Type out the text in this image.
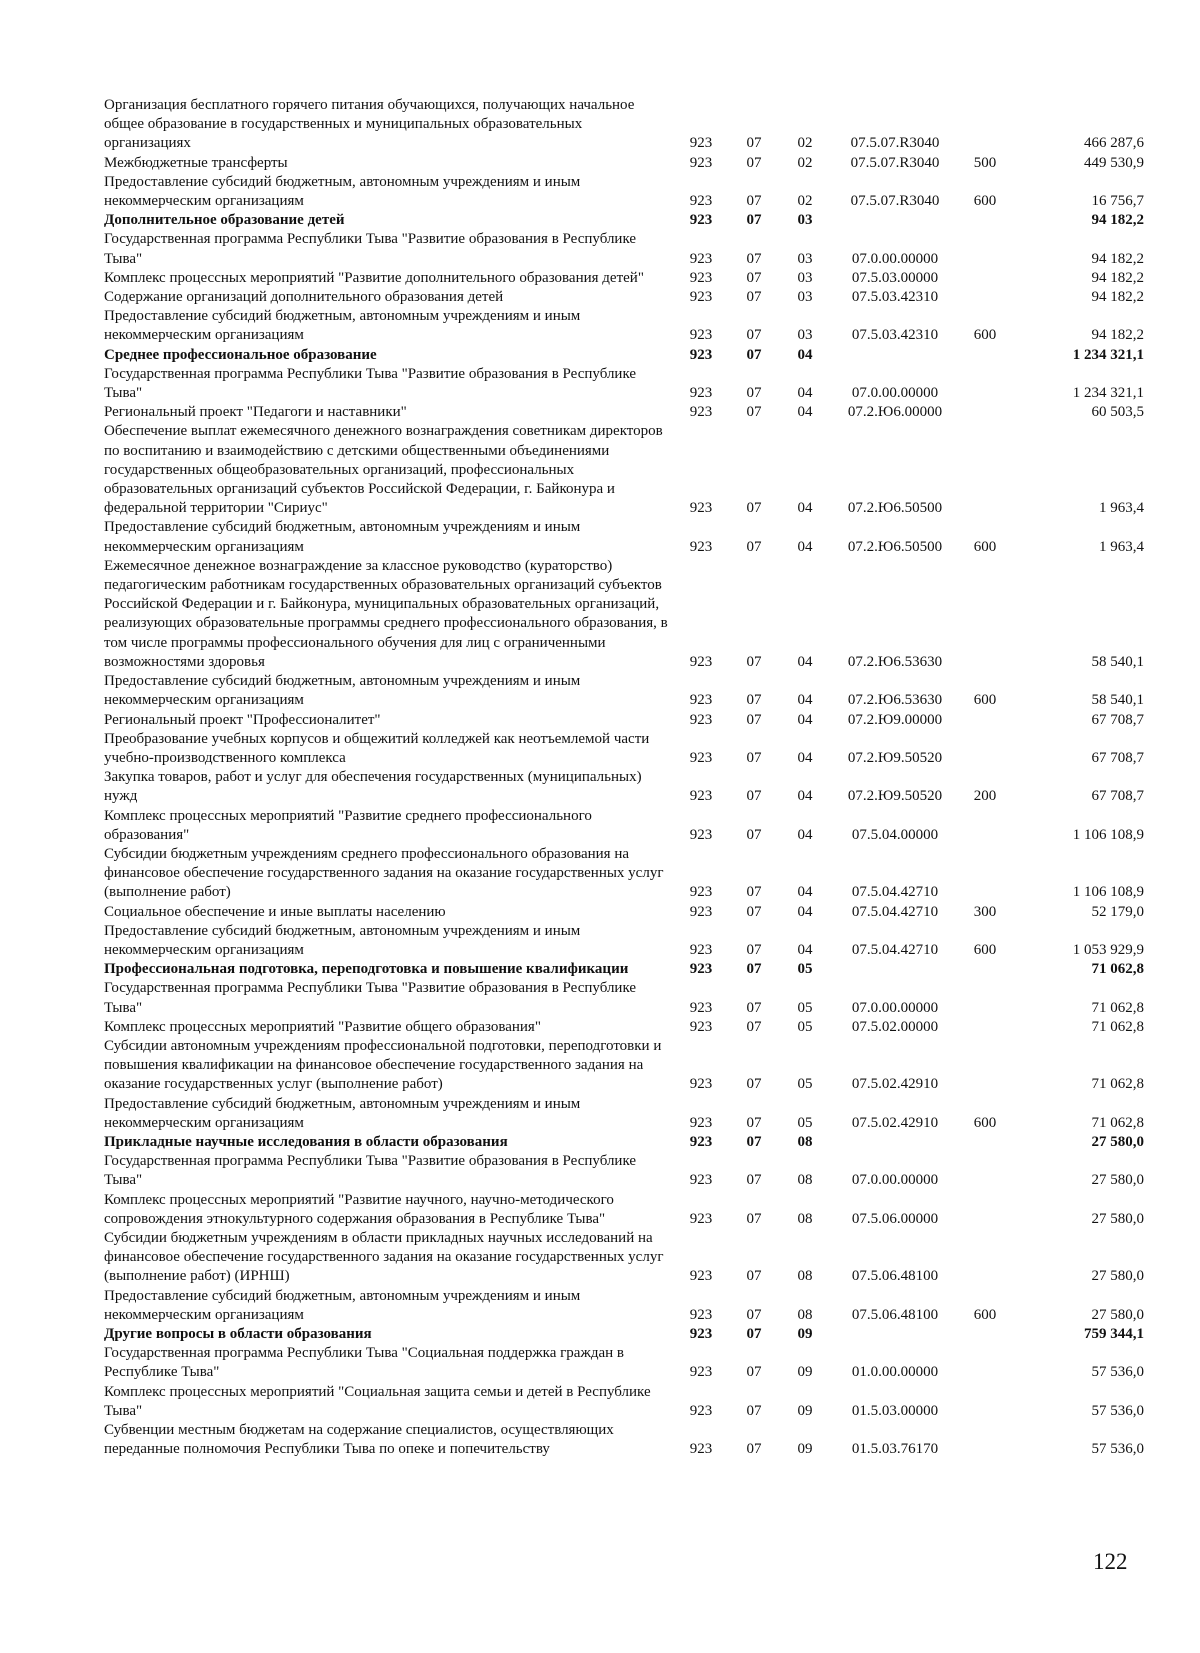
Организация бесплатного горячего питания обучающихся, получающих начальное общее образование в государственных и муниципальных образовательных организациях	923	07	02	07.5.07.R3040		466 287,6
Межбюджетные трансферты	923	07	02	07.5.07.R3040	500	449 530,9
Предоставление субсидий бюджетным, автономным учреждениям и иным некоммерческим организациям	923	07	02	07.5.07.R3040	600	16 756,7
Дополнительное образование детей	923	07	03			94 182,2
Государственная программа Республики Тыва "Развитие образования в Республике Тыва"	923	07	03	07.0.00.00000		94 182,2
Комплекс процессных мероприятий "Развитие дополнительного образования детей"	923	07	03	07.5.03.00000		94 182,2
Содержание организаций дополнительного образования детей	923	07	03	07.5.03.42310		94 182,2
Предоставление субсидий бюджетным, автономным учреждениям и иным некоммерческим организациям	923	07	03	07.5.03.42310	600	94 182,2
Среднее профессиональное образование	923	07	04			1 234 321,1
Государственная программа Республики Тыва "Развитие образования в Республике Тыва"	923	07	04	07.0.00.00000		1 234 321,1
Региональный проект "Педагоги и наставники"	923	07	04	07.2.Ю6.00000		60 503,5
Обеспечение выплат ежемесячного денежного вознаграждения советникам директоров по воспитанию и взаимодействию с детскими общественными объединениями государственных общеобразовательных организаций, профессиональных образовательных организаций субъектов Российской Федерации, г. Байконура и федеральной территории "Сириус"	923	07	04	07.2.Ю6.50500		1 963,4
Предоставление субсидий бюджетным, автономным учреждениям и иным некоммерческим организациям	923	07	04	07.2.Ю6.50500	600	1 963,4
Ежемесячное денежное вознаграждение за классное руководство (кураторство) педагогическим работникам государственных образовательных организаций субъектов Российской Федерации и г. Байконура, муниципальных образовательных организаций, реализующих образовательные программы среднего профессионального образования, в том числе программы профессионального обучения для лиц с ограниченными возможностями здоровья	923	07	04	07.2.Ю6.53630		58 540,1
Предоставление субсидий бюджетным, автономным учреждениям и иным некоммерческим организациям	923	07	04	07.2.Ю6.53630	600	58 540,1
Региональный проект "Профессионалитет"	923	07	04	07.2.Ю9.00000		67 708,7
Преобразование учебных корпусов и общежитий колледжей как неотъемлемой части учебно-производственного комплекса	923	07	04	07.2.Ю9.50520		67 708,7
Закупка товаров, работ и услуг для обеспечения государственных (муниципальных) нужд	923	07	04	07.2.Ю9.50520	200	67 708,7
Комплекс процессных мероприятий "Развитие среднего профессионального образования"	923	07	04	07.5.04.00000		1 106 108,9
Субсидии бюджетным учреждениям среднего профессионального образования на финансовое обеспечение государственного задания на оказание государственных услуг (выполнение работ)	923	07	04	07.5.04.42710		1 106 108,9
Социальное обеспечение и иные выплаты населению	923	07	04	07.5.04.42710	300	52 179,0
Предоставление субсидий бюджетным, автономным учреждениям и иным некоммерческим организациям	923	07	04	07.5.04.42710	600	1 053 929,9
Профессиональная подготовка, переподготовка и повышение квалификации	923	07	05			71 062,8
Государственная программа Республики Тыва "Развитие образования в Республике Тыва"	923	07	05	07.0.00.00000		71 062,8
Комплекс процессных мероприятий "Развитие общего образования"	923	07	05	07.5.02.00000		71 062,8
Субсидии автономным учреждениям профессиональной подготовки, переподготовки и повышения квалификации на финансовое обеспечение государственного задания на оказание государственных услуг (выполнение работ)	923	07	05	07.5.02.42910		71 062,8
Предоставление субсидий бюджетным, автономным учреждениям и иным некоммерческим организациям	923	07	05	07.5.02.42910	600	71 062,8
Прикладные научные исследования в области образования	923	07	08			27 580,0
Государственная программа Республики Тыва "Развитие образования в Республике Тыва"	923	07	08	07.0.00.00000		27 580,0
Комплекс процессных мероприятий "Развитие научного, научно-методического сопровождения этнокультурного содержания образования в Республике Тыва"	923	07	08	07.5.06.00000		27 580,0
Субсидии бюджетным учреждениям в области прикладных научных исследований на финансовое обеспечение государственного задания на оказание государственных услуг (выполнение работ) (ИРНШ)	923	07	08	07.5.06.48100		27 580,0
Предоставление субсидий бюджетным, автономным учреждениям и иным некоммерческим организациям	923	07	08	07.5.06.48100	600	27 580,0
Другие вопросы в области образования	923	07	09			759 344,1
Государственная программа Республики Тыва "Социальная поддержка граждан в Республике Тыва"	923	07	09	01.0.00.00000		57 536,0
Комплекс процессных мероприятий "Социальная защита семьи и детей в Республике Тыва"	923	07	09	01.5.03.00000		57 536,0
Субвенции местным бюджетам на содержание специалистов, осуществляющих переданные полномочия Республики Тыва по опеке и попечительству	923	07	09	01.5.03.76170		57 536,0
122
